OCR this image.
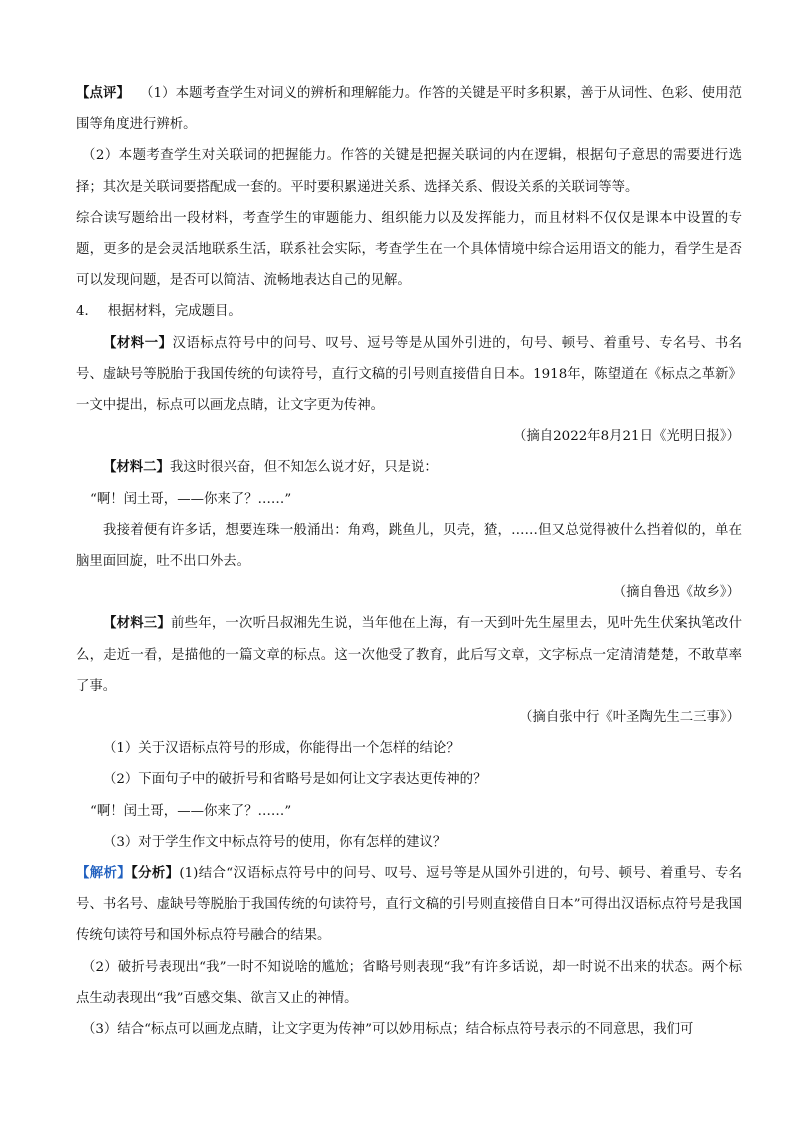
【点评】 （1）本题考查学生对词义的辨析和理解能力。作答的关键是平时多积累，善于从词性、色彩、使用范围等角度进行辨析。

（2）本题考查学生对关联词的把握能力。作答的关键是把握关联词的内在逻辑，根据句子意思的需要进行选择；其次是关联词要搭配成一套的。平时要积累递进关系、选择关系、假设关系的关联词等等。

综合读写题给出一段材料，考查学生的审题能力、组织能力以及发挥能力，而且材料不仅仅是课本中设置的专题，更多的是会灵活地联系生活，联系社会实际，考查学生在一个具体情境中综合运用语文的能力，看学生是否可以发现问题，是否可以简洁、流畅地表达自己的见解。

4． 根据材料，完成题目。

【材料一】汉语标点符号中的问号、叹号、逗号等是从国外引进的，句号、顿号、着重号、专名号、书名号、虚缺号等脱胎于我国传统的句读符号，直行文稿的引号则直接借自日本。1918年，陈望道在《标点之革新》一文中提出，标点可以画龙点睛，让文字更为传神。

（摘自2022年8月21日《光明日报》）

【材料二】我这时很兴奋，但不知怎么说才好，只是说：

“啊！闰土哥，——你来了？……”

我接着便有许多话，想要连珠一般涌出：角鸡，跳鱼儿，贝壳，猹，……但又总觉得被什么挡着似的，单在脑里面回旋，吐不出口外去。

（摘自鲁迅《故乡》）

【材料三】前些年，一次听吕叔湘先生说，当年他在上海，有一天到叶先生屋里去，见叶先生伏案执笔改什么，走近一看，是描他的一篇文章的标点。这一次他受了教育，此后写文章，文字标点一定清清楚楚，不敢草率了事。

（摘自张中行《叶圣陶先生二三事》）

（1）关于汉语标点符号的形成，你能得出一个怎样的结论？

（2）下面句子中的破折号和省略号是如何让文字表达更传神的？

“啊！闰土哥，——你来了？……”

（3）对于学生作文中标点符号的使用，你有怎样的建议？

【解析】【分析】(1)结合“汉语标点符号中的问号、叹号、逗号等是从国外引进的，句号、顿号、着重号、专名号、书名号、虚缺号等脱胎于我国传统的句读符号，直行文稿的引号则直接借自日本”可得出汉语标点符号是我国传统句读符号和国外标点符号融合的结果。

（2）破折号表现出“我”一时不知说啥的尴尬；省略号则表现“我”有许多话说，却一时说不出来的状态。两个标点生动表现出“我”百感交集、欲言又止的神情。

（3）结合“标点可以画龙点睛，让文字更为传神”可以妙用标点；结合标点符号表示的不同意思，我们可
